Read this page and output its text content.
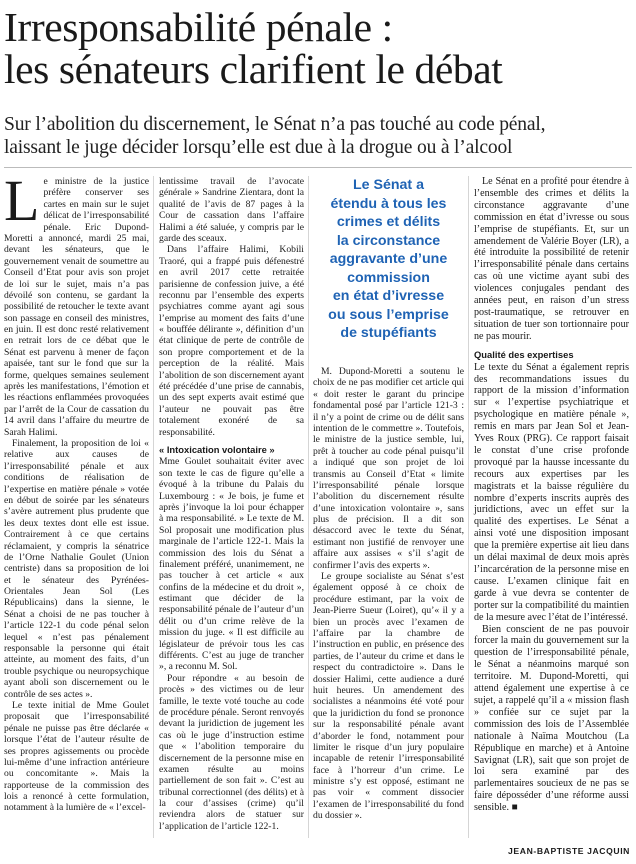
Irresponsabilité pénale :
les sénateurs clarifient le débat
Sur l’abolition du discernement, le Sénat n’a pas touché au code pénal,
laissant le juge décider lorsqu’elle est due à la drogue ou à l’alcool

Le ministre de la justice préfère conserver ses cartes en main sur le sujet délicat de l’irresponsabilité pénale. Eric Dupond-Moretti a annoncé, mardi 25 mai, devant les sénateurs, que le gouvernement venait de soumettre au Conseil d’Etat pour avis son projet de loi sur le sujet, mais n’a pas dévoilé son contenu, se gardant la possibilité de retoucher le texte avant son passage en conseil des ministres, en juin. Il est donc resté relativement en retrait lors de ce débat que le Sénat est parvenu à mener de façon apaisée, tant sur le fond que sur la forme, quelques semaines seulement après les manifestations, l’émotion et les réactions enflammées provoquées par l’arrêt de la Cour de cassation du 14 avril dans l’affaire du meurtre de Sarah Halimi.

Finalement, la proposition de loi « relative aux causes de l’irresponsabilité pénale et aux conditions de réalisation de l’expertise en matière pénale » votée en début de soirée par les sénateurs s’avère autrement plus prudente que les deux textes dont elle est issue. Contrairement à ce que certains réclamaient, y compris la sénatrice de l’Orne Nathalie Goulet (Union centriste) dans sa proposition de loi et le sénateur des Pyrénées-Orientales Jean Sol (Les Républicains) dans la sienne, le Sénat a choisi de ne pas toucher à l’article 122-1 du code pénal selon lequel « n’est pas pénalement responsable la personne qui était atteinte, au moment des faits, d’un trouble psychique ou neuropsychique ayant aboli son discernement ou le contrôle de ses actes ».

Le texte initial de Mme Goulet proposait que l’irresponsabilité pénale ne puisse pas être déclarée « lorsque l’état de l’auteur résulte de ses propres agissements ou procède lui-même d’une infraction antérieure ou concomitante ». Mais la rapporteuse de la commission des lois a renoncé à cette formulation, notamment à la lumière de « l’excel-

lentissime travail de l’avocate générale » Sandrine Zientara, dont la qualité de l’avis de 87 pages à la Cour de cassation dans l’affaire Halimi a été saluée, y compris par le garde des sceaux.

Dans l’affaire Halimi, Kobili Traoré, qui a frappé puis défenestré en avril 2017 cette retraitée parisienne de confession juive, a été reconnu par l’ensemble des experts psychiatres comme ayant agi sous l’emprise au moment des faits d’une « bouffée délirante », définition d’un état clinique de perte de contrôle de son propre comportement et de la perception de la réalité. Mais l’abolition de son discernement ayant été précédée d’une prise de cannabis, un des sept experts avait estimé que l’auteur ne pouvait pas être totalement exonéré de sa responsabilité.

« Intoxication volontaire »

Mme Goulet souhaitait éviter avec son texte le cas de figure qu’elle a évoqué à la tribune du Palais du Luxembourg : « Je bois, je fume et après j’invoque la loi pour échapper à ma responsabilité. » Le texte de M. Sol proposait une modification plus marginale de l’article 122-1. Mais la commission des lois du Sénat a finalement préféré, unanimement, ne pas toucher à cet article « aux confins de la médecine et du droit », estimant que décider de la responsabilité pénale de l’auteur d’un délit ou d’un crime relève de la mission du juge. « Il est difficile au législateur de prévoir tous les cas différents. C’est au juge de trancher », a reconnu M. Sol.

Pour répondre « au besoin de procès » des victimes ou de leur famille, le texte voté touche au code de procédure pénale. Seront renvoyés devant la juridiction de jugement les cas où le juge d’instruction estime que « l’abolition temporaire du discernement de la personne mise en examen résulte au moins partiellement de son fait ». C’est au tribunal correctionnel (des délits) et à la cour d’assises (crime) qu’il reviendra alors de statuer sur l’application de l’article 122-1.

Le Sénat a
étendu à tous les
crimes et délits
la circonstance
aggravante d’une
commission
en état d’ivresse
ou sous l’emprise
de stupéfiants

M. Dupond-Moretti a soutenu le choix de ne pas modifier cet article qui « doit rester le garant du principe fondamental posé par l’article 121-3 : il n’y a point de crime ou de délit sans intention de le commettre ». Toutefois, le ministre de la justice semble, lui, prêt à toucher au code pénal puisqu’il a indiqué que son projet de loi transmis au Conseil d’Etat « limite l’irresponsabilité pénale lorsque l’abolition du discernement résulte d’une intoxication volontaire », sans plus de précision. Il a dit son désaccord avec le texte du Sénat, estimant non justifié de renvoyer une affaire aux assises « s’il s’agit de confirmer l’avis des experts ».

Le groupe socialiste au Sénat s’est également opposé à ce choix de procédure estimant, par la voix de Jean-Pierre Sueur (Loiret), qu’« il y a bien un procès avec l’examen de l’affaire par la chambre de l’instruction en public, en présence des parties, de l’auteur du crime et dans le respect du contradictoire ». Dans le dossier Halimi, cette audience a duré huit heures. Un amendement des socialistes a néanmoins été voté pour que la juridiction du fond se prononce sur la responsabilité pénale avant d’aborder le fond, notamment pour limiter le risque d’un jury populaire incapable de retenir l’irresponsabilité face à l’horreur d’un crime. Le ministre s’y est opposé, estimant ne pas voir « comment dissocier l’examen de l’irresponsabilité du fond du dossier ».

Le Sénat en a profité pour étendre à l’ensemble des crimes et délits la circonstance aggravante d’une commission en état d’ivresse ou sous l’emprise de stupéfiants. Et, sur un amendement de Valérie Boyer (LR), a été introduite la possibilité de retenir l’irresponsabilité pénale dans certains cas où une victime ayant subi des violences conjugales pendant des années peut, en raison d’un stress post-traumatique, se retrouver en situation de tuer son tortionnaire pour ne pas mourir.

Qualité des expertises

Le texte du Sénat a également repris des recommandations issues du rapport de la mission d’information sur « l’expertise psychiatrique et psychologique en matière pénale », remis en mars par Jean Sol et Jean-Yves Roux (PRG). Ce rapport faisait le constat d’une crise profonde provoqué par la hausse incessante du recours aux expertises par les magistrats et la baisse régulière du nombre d’experts inscrits auprès des juridictions, avec un effet sur la qualité des expertises. Le Sénat a ainsi voté une disposition imposant que la première expertise ait lieu dans un délai maximal de deux mois après l’incarcération de la personne mise en cause. L’examen clinique fait en garde à vue devra se contenter de porter sur la compatibilité du maintien de la mesure avec l’état de l’intéressé.

Bien conscient de ne pas pouvoir forcer la main du gouvernement sur la question de l’irresponsabilité pénale, le Sénat a néanmoins marqué son territoire. M. Dupond-Moretti, qui attend également une expertise à ce sujet, a rappelé qu’il a « mission flash » confiée sur ce sujet par la commission des lois de l’Assemblée nationale à Naïma Moutchou (La République en marche) et à Antoine Savignat (LR), sait que son projet de loi sera examiné par des parlementaires soucieux de ne pas se faire déposséder d’une réforme aussi sensible. ■

JEAN-BAPTISTE JACQUIN
